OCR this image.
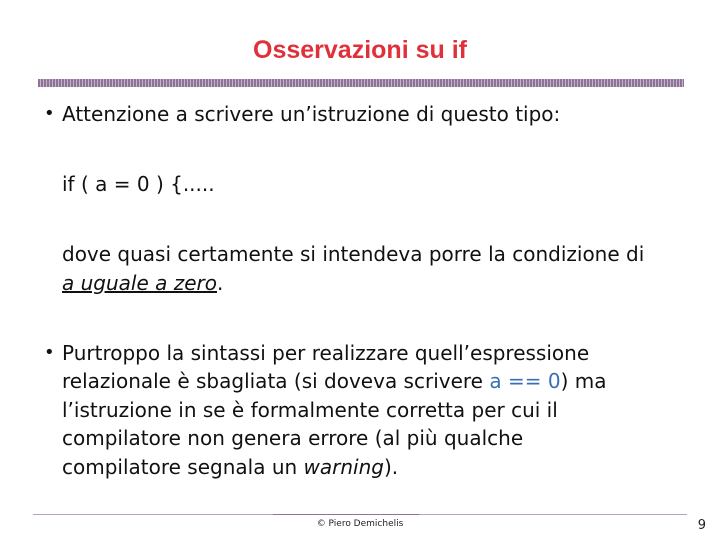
Osservazioni su if
• Attenzione a scrivere un’istruzione di questo tipo:
if ( a = 0 ) {.....
dove quasi certamente si intendeva porre la condizione di
a uguale a zero.
• Purtroppo la sintassi per realizzare quell’espressione
relazionale è sbagliata (si doveva scrivere a == 0) ma
l’istruzione in se è formalmente corretta per cui il
compilatore non genera errore (al più qualche
compilatore segnala un warning).
© Piero Demichelis	9
